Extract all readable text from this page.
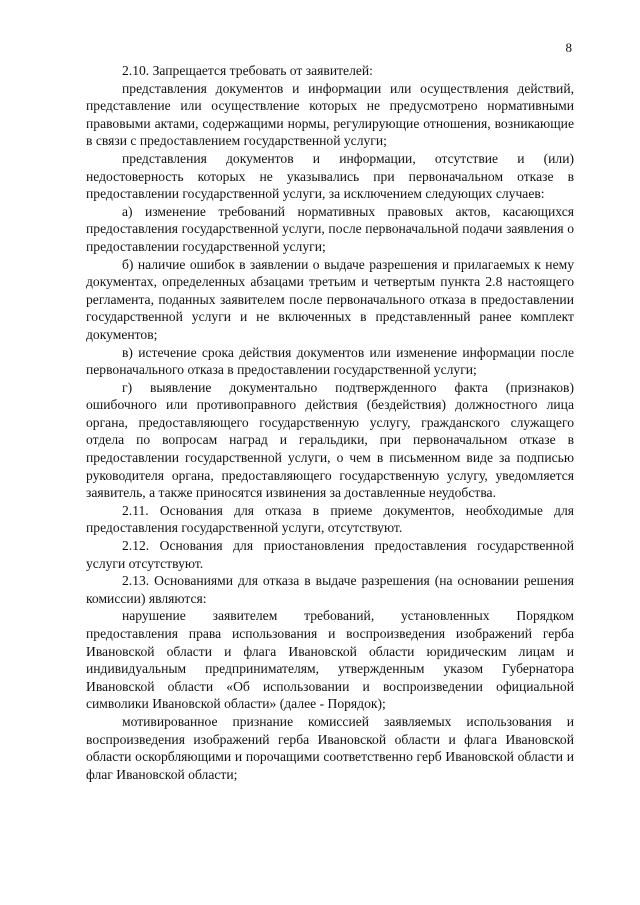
8

2.10. Запрещается требовать от заявителей:

представления документов и информации или осуществления действий, представление или осуществление которых не предусмотрено нормативными правовыми актами, содержащими нормы, регулирующие отношения, возникающие в связи с предоставлением государственной услуги;

представления документов и информации, отсутствие и (или) недостоверность которых не указывались при первоначальном отказе в предоставлении государственной услуги, за исключением следующих случаев:

а) изменение требований нормативных правовых актов, касающихся предоставления государственной услуги, после первоначальной подачи заявления о предоставлении государственной услуги;

б) наличие ошибок в заявлении о выдаче разрешения и прилагаемых к нему документах, определенных абзацами третьим и четвертым пункта 2.8 настоящего регламента, поданных заявителем после первоначального отказа в предоставлении государственной услуги и не включенных в представленный ранее комплект документов;

в) истечение срока действия документов или изменение информации после первоначального отказа в предоставлении государственной услуги;

г) выявление документально подтвержденного факта (признаков) ошибочного или противоправного действия (бездействия) должностного лица органа, предоставляющего государственную услугу, гражданского служащего отдела по вопросам наград и геральдики, при первоначальном отказе в предоставлении государственной услуги, о чем в письменном виде за подписью руководителя органа, предоставляющего государственную услугу, уведомляется заявитель, а также приносятся извинения за доставленные неудобства.

2.11. Основания для отказа в приеме документов, необходимые для предоставления государственной услуги, отсутствуют.

2.12. Основания для приостановления предоставления государственной услуги отсутствуют.

2.13. Основаниями для отказа в выдаче разрешения (на основании решения комиссии) являются:

нарушение заявителем требований, установленных Порядком предоставления права использования и воспроизведения изображений герба Ивановской области и флага Ивановской области юридическим лицам и индивидуальным предпринимателям, утвержденным указом Губернатора Ивановской области «Об использовании и воспроизведении официальной символики Ивановской области» (далее - Порядок);

мотивированное признание комиссией заявляемых использования и воспроизведения изображений герба Ивановской области и флага Ивановской области оскорбляющими и порочащими соответственно герб Ивановской области и флаг Ивановской области;
